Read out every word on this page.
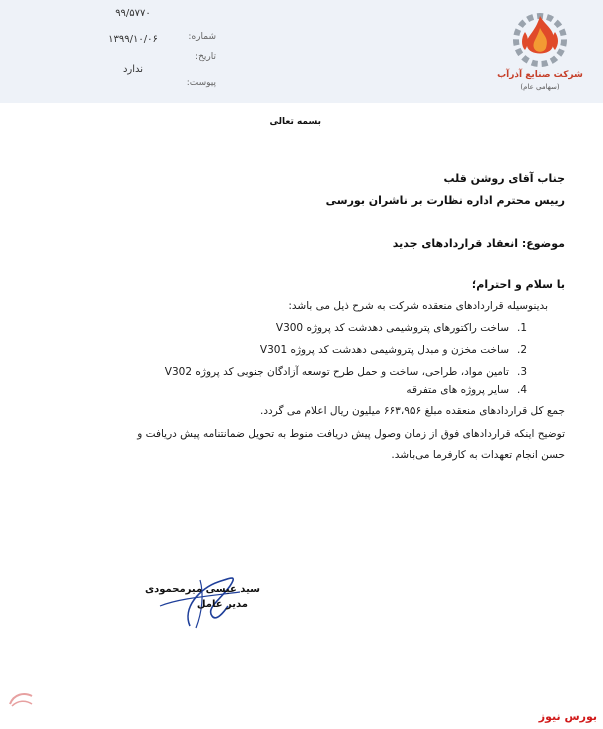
۹۹/۵۷۷۰
شماره:
۱۳۹۹/۱۰/۰۶
تاریخ:
ندارد
پیوست:
شرکت صنایع آذرآب
(سهامی عام)
بسمه تعالی
جناب آقای روشن قلب
رییس محترم اداره نظارت بر ناشران بورسی
موضوع: انعقاد قراردادهای جدید
با سلام و احترام؛
بدینوسیله قراردادهای منعقده شرکت به شرح ذیل می باشد:
1.
ساخت راکتورهای پتروشیمی دهدشت کد پروژه V300
2.
ساخت مخزن و مبدل پتروشیمی دهدشت کد پروژه V301
3.
تامین مواد، طراحی، ساخت و حمل طرح توسعه آزادگان جنوبی کد پروژه V302
4.
سایر پروژه های متفرقه
جمع کل قراردادهای منعقده مبلغ ۶۶۳،۹۵۶ میلیون ریال اعلام می گردد.
توضیح اینکه قراردادهای فوق از زمان وصول پیش دریافت منوط به تحویل ضمانتنامه پیش دریافت و
حسن انجام تعهدات به کارفرما می‌باشد.
سید عیسی میرمحمودی
مدیر عامل
بورس نیوز
